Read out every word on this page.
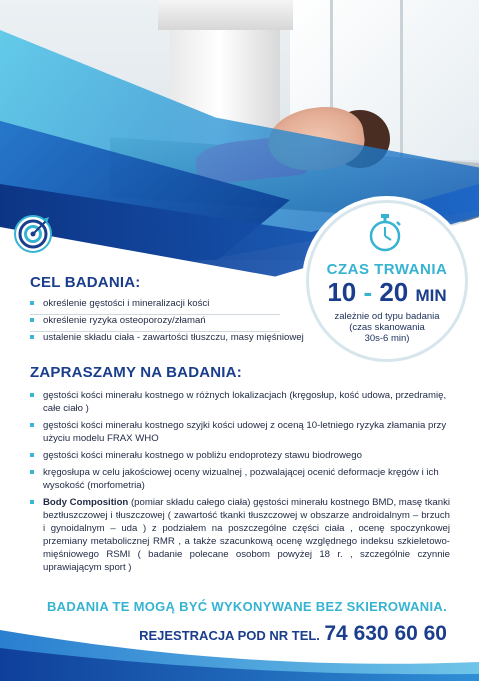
CZAS TRWANIA
10 - 20 MIN
zależnie od typu badania
(czas skanowania
30s-6 min)
CEL BADANIA:
określenie gęstości i mineralizacji kości
określenie ryzyka osteoporozy/złamań
ustalenie składu ciała - zawartości tłuszczu, masy mięśniowej
ZAPRASZAMY NA BADANIA:
gęstości kości minerału kostnego w różnych lokalizacjach (kręgosłup, kość udowa, przedramię, całe ciało )
gęstości kości minerału kostnego szyjki kości udowej z oceną 10-letniego ryzyka złamania przy użyciu modelu FRAX WHO
gęstości kości minerału kostnego w pobliżu endoprotezy stawu biodrowego
kręgosłupa w celu jakościowej oceny wizualnej , pozwalającej ocenić deformacje kręgów i ich wysokość (morfometria)
Body Composition (pomiar składu całego ciała) gęstości minerału kostnego BMD, masę tkanki beztłuszczowej i tłuszczowej ( zawartość tkanki tłuszczowej w obszarze androidalnym – brzuch i gynoidalnym – uda ) z podziałem na poszczególne części ciała , ocenę spoczynkowej przemiany metabolicznej RMR , a także szacunkową ocenę względnego indeksu szkieletowo-mięśniowego RSMI ( badanie polecane osobom powyżej 18 r. , szczególnie czynnie uprawiającym sport )
BADANIA TE MOGĄ BYĆ WYKONYWANE BEZ SKIEROWANIA.
REJESTRACJA POD NR TEL. 74 630 60 60
